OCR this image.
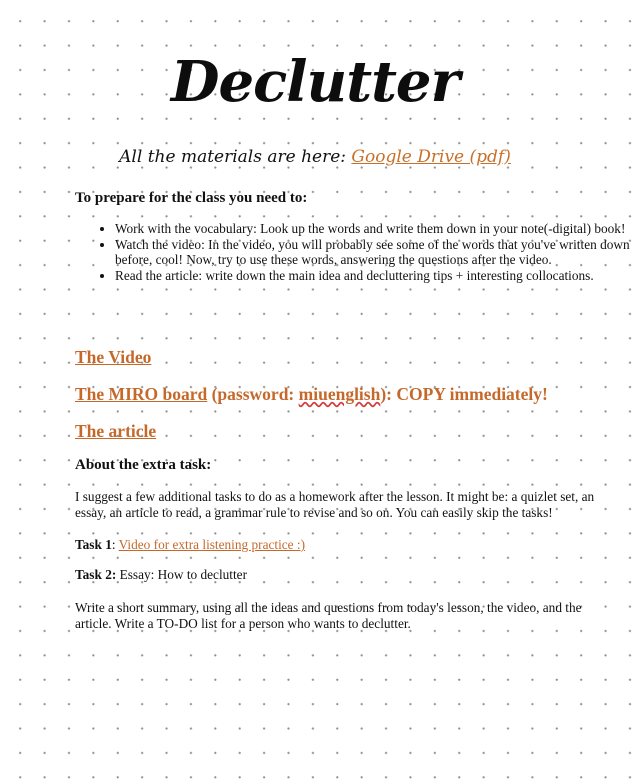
Declutter
All the materials are here: Google Drive (pdf)
To prepare for the class you need to:
• Work with the vocabulary: Look up the words and write them down in your note(-digital) book!
• Watch the video: In the video, you will probably see some of the words that you've written down before, cool! Now, try to use these words, answering the questions after the video.
• Read the article: write down the main idea and decluttering tips + interesting collocations.
The Video
The MIRO board (password: miuenglish): COPY immediately!
The article
About the extra task:
I suggest a few additional tasks to do as a homework after the lesson. It might be: a quizlet set, an essay, an article to read, a grammar rule to revise and so on. You can easily skip the tasks!
Task 1: Video for extra listening practice :)
Task 2: Essay: How to declutter
Write a short summary, using all the ideas and questions from today's lesson, the video, and the article. Write a TO-DO list for a person who wants to declutter.
